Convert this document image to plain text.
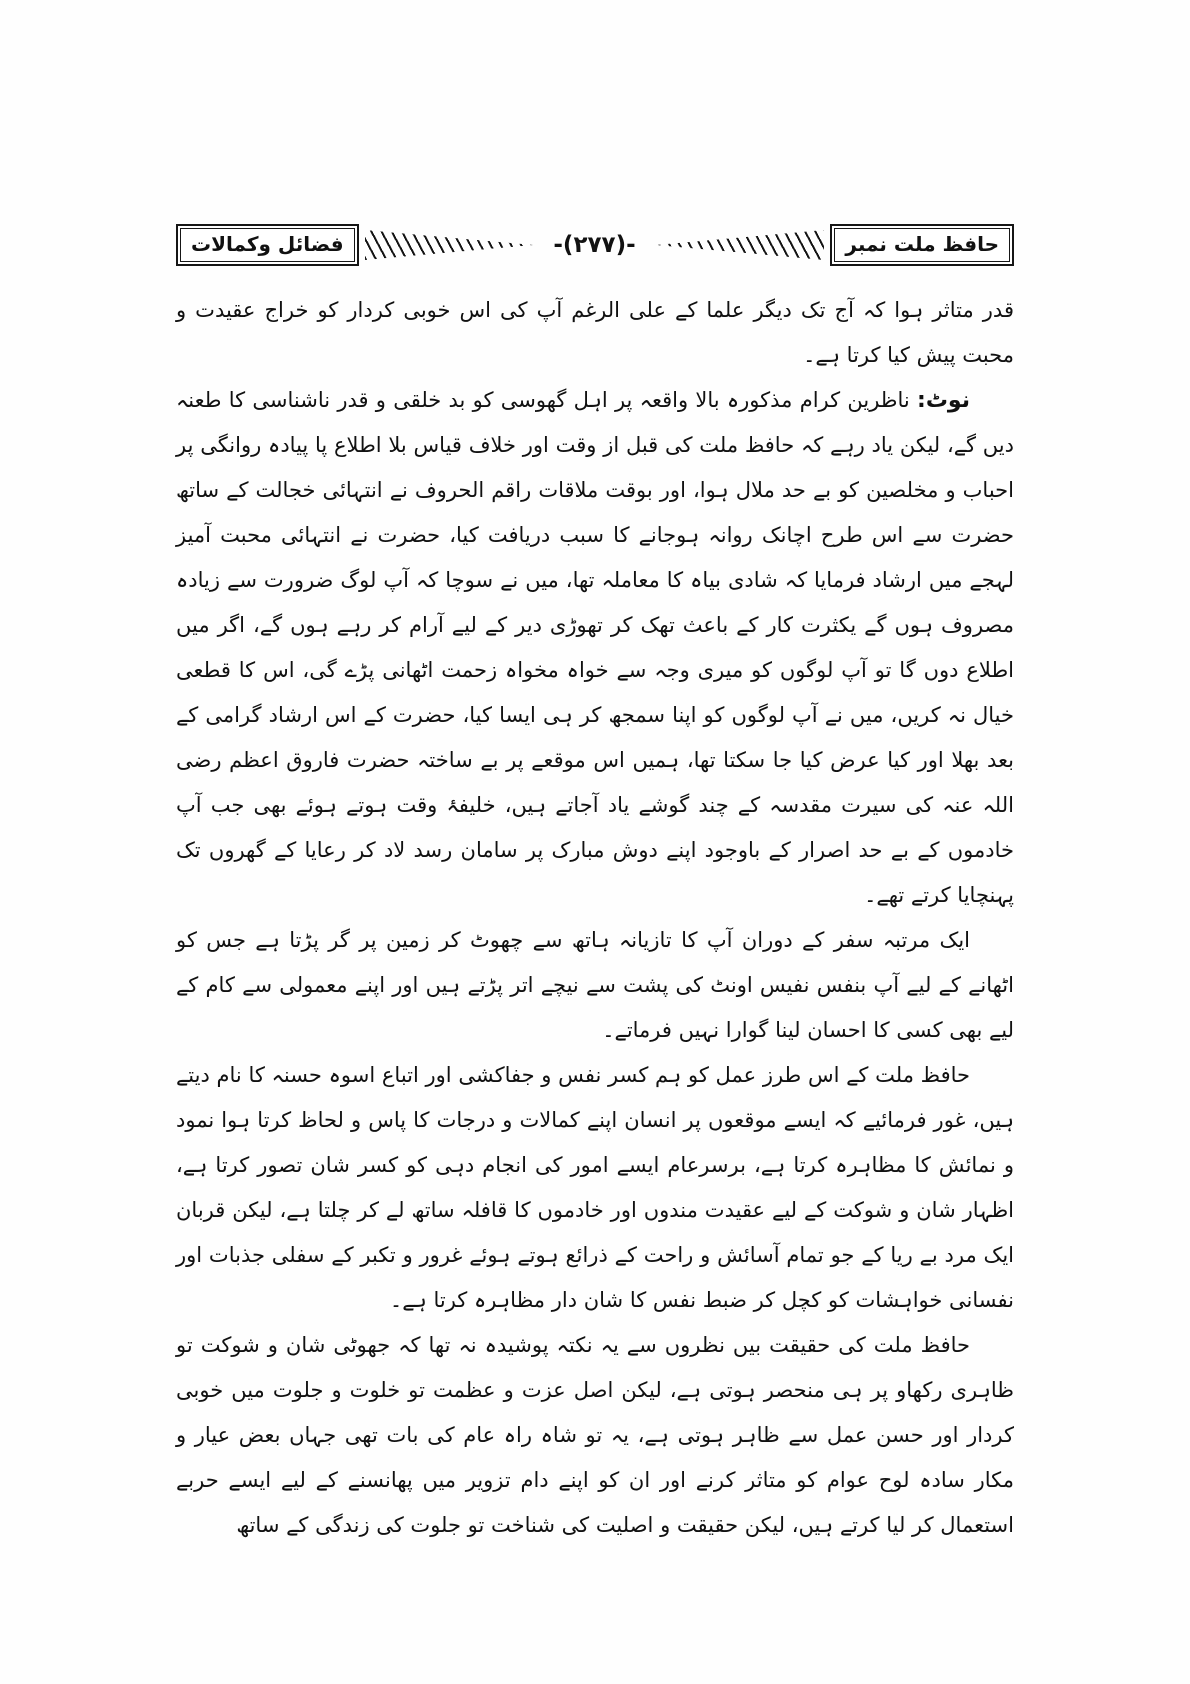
حافظ ملت نمبر
-(۲۷۷)-
فضائل وکمالات

قدر متاثر ہوا کہ آج تک دیگر علما کے علی الرغم آپ کی اس خوبی کردار کو خراج عقیدت و محبت پیش کیا کرتا ہے۔

نوٹ: ناظرین کرام مذکورہ بالا واقعہ پر اہل گھوسی کو بد خلقی و قدر ناشناسی کا طعنہ دیں گے، لیکن یاد رہے کہ حافظ ملت کی قبل از وقت اور خلاف قیاس بلا اطلاع پا پیادہ روانگی پر احباب و مخلصین کو بے حد ملال ہوا، اور بوقت ملاقات راقم الحروف نے انتہائی خجالت کے ساتھ حضرت سے اس طرح اچانک روانہ ہوجانے کا سبب دریافت کیا، حضرت نے انتہائی محبت آمیز لہجے میں ارشاد فرمایا کہ شادی بیاہ کا معاملہ تھا، میں نے سوچا کہ آپ لوگ ضرورت سے زیادہ مصروف ہوں گے یکثرت کار کے باعث تھک کر تھوڑی دیر کے لیے آرام کر رہے ہوں گے، اگر میں اطلاع دوں گا تو آپ لوگوں کو میری وجہ سے خواہ مخواہ زحمت اٹھانی پڑے گی، اس کا قطعی خیال نہ کریں، میں نے آپ لوگوں کو اپنا سمجھ کر ہی ایسا کیا، حضرت کے اس ارشاد گرامی کے بعد بھلا اور کیا عرض کیا جا سکتا تھا، ہمیں اس موقعے پر بے ساختہ حضرت فاروق اعظم رضی اللہ عنہ کی سیرت مقدسہ کے چند گوشے یاد آجاتے ہیں، خلیفۂ وقت ہوتے ہوئے بھی جب آپ خادموں کے بے حد اصرار کے باوجود اپنے دوش مبارک پر سامان رسد لاد کر رعایا کے گھروں تک پہنچایا کرتے تھے۔

ایک مرتبہ سفر کے دوران آپ کا تازیانہ ہاتھ سے چھوٹ کر زمین پر گر پڑتا ہے جس کو اٹھانے کے لیے آپ بنفس نفیس اونٹ کی پشت سے نیچے اتر پڑتے ہیں اور اپنے معمولی سے کام کے لیے بھی کسی کا احسان لینا گوارا نہیں فرماتے۔

حافظ ملت کے اس طرز عمل کو ہم کسر نفس و جفاکشی اور اتباع اسوہ حسنہ کا نام دیتے ہیں، غور فرمائیے کہ ایسے موقعوں پر انسان اپنے کمالات و درجات کا پاس و لحاظ کرتا ہوا نمود و نمائش کا مظاہرہ کرتا ہے، برسرعام ایسے امور کی انجام دہی کو کسر شان تصور کرتا ہے، اظہار شان و شوکت کے لیے عقیدت مندوں اور خادموں کا قافلہ ساتھ لے کر چلتا ہے، لیکن قربان ایک مرد بے ریا کے جو تمام آسائش و راحت کے ذرائع ہوتے ہوئے غرور و تکبر کے سفلی جذبات اور نفسانی خواہشات کو کچل کر ضبط نفس کا شان دار مظاہرہ کرتا ہے۔

حافظ ملت کی حقیقت بیں نظروں سے یہ نکتہ پوشیدہ نہ تھا کہ جھوٹی شان و شوکت تو ظاہری رکھاو پر ہی منحصر ہوتی ہے، لیکن اصل عزت و عظمت تو خلوت و جلوت میں خوبی کردار اور حسن عمل سے ظاہر ہوتی ہے، یہ تو شاہ راہ عام کی بات تھی جہاں بعض عیار و مکار سادہ لوح عوام کو متاثر کرنے اور ان کو اپنے دام تزویر میں پھانسنے کے لیے ایسے حربے استعمال کر لیا کرتے ہیں، لیکن حقیقت و اصلیت کی شناخت تو جلوت کی زندگی کے ساتھ
